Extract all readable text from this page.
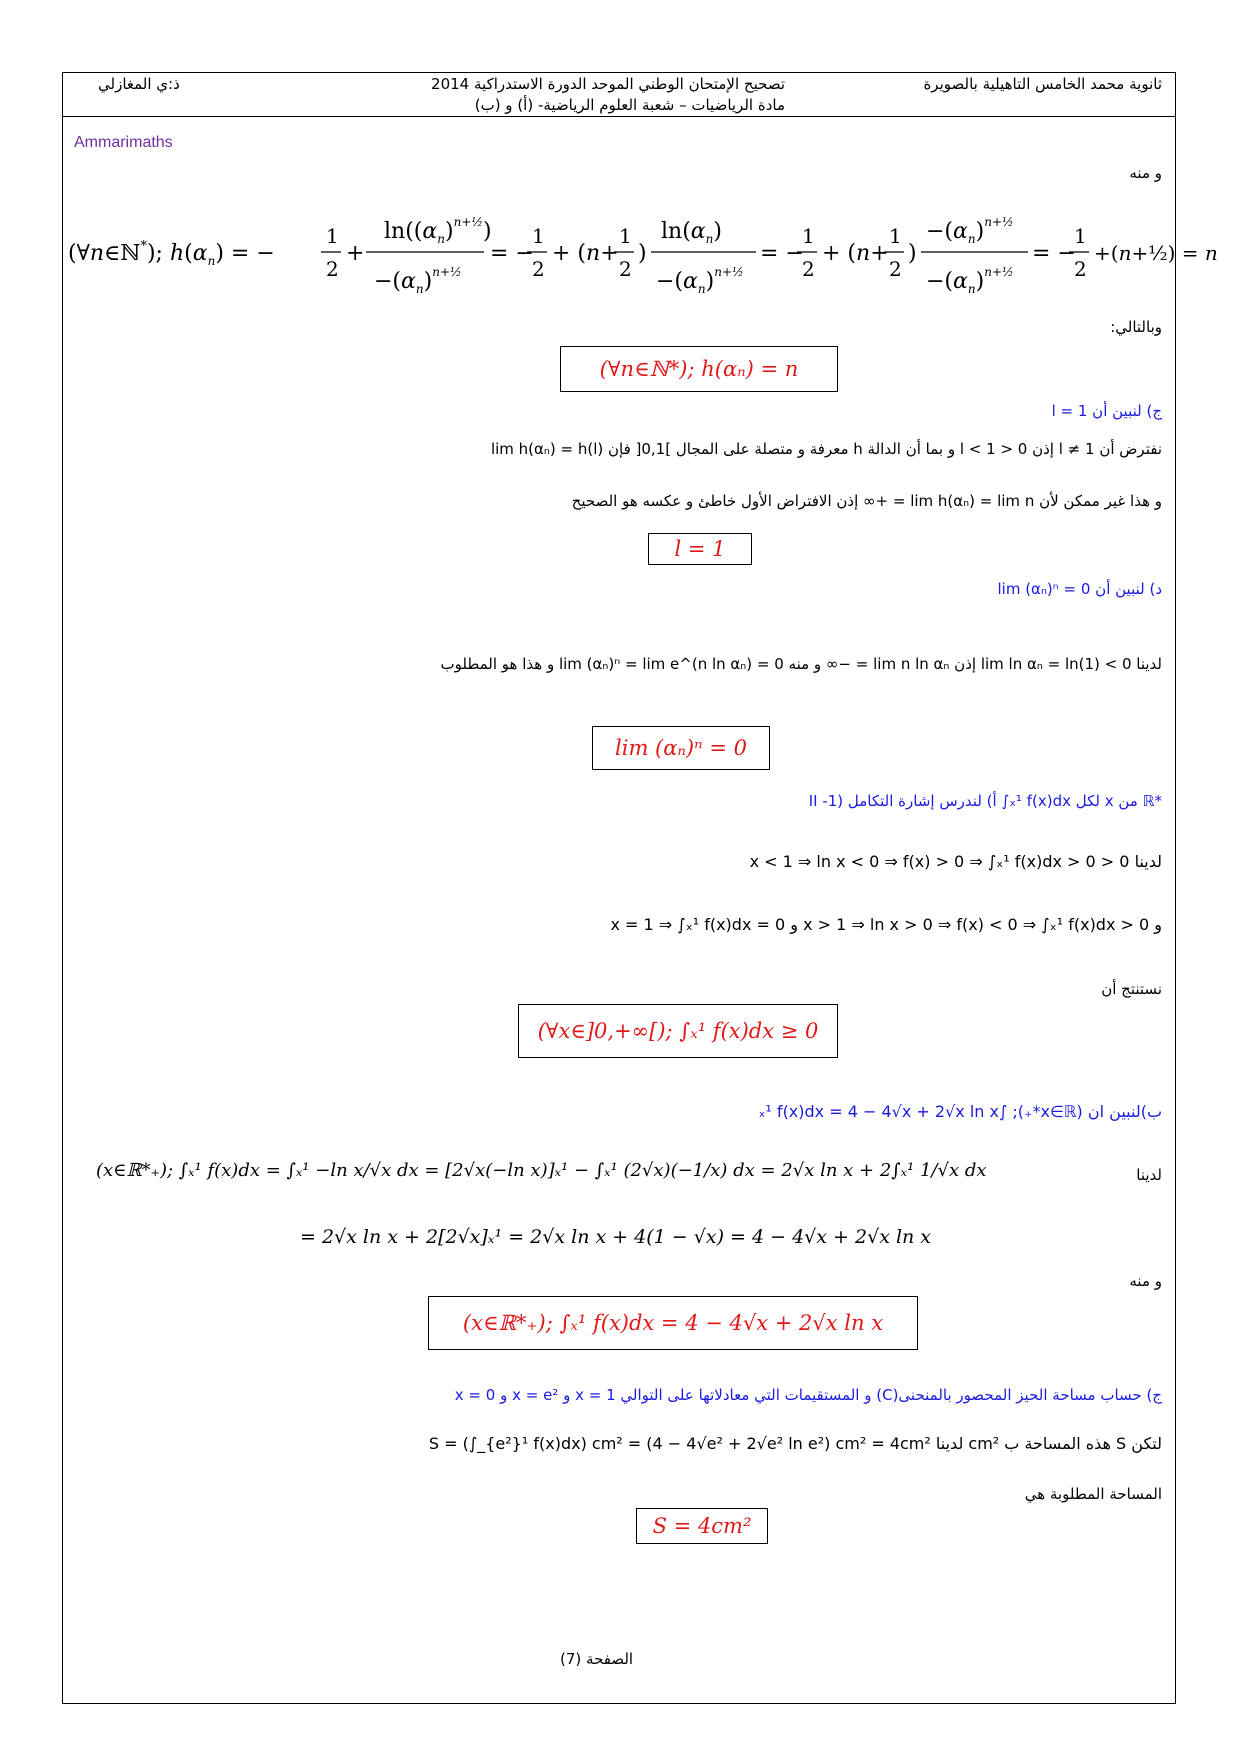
ثانوية محمد الخامس التاهيلية بالصويرة
تصحيح الإمتحان الوطني الموحد الدورة الاستدراكية 2014
مادة الرياضيات – شعبة العلوم الرياضية- (أ) و (ب)
ذ:ي المغازلي
Ammarimaths
و منه
(∀n∈ℕ*); $h(\alpha_n)$ = −
1
2
+
$\ln((\alpha_n)^{n+\frac{1}{2}})$
$-(\alpha_n)^{n+\frac{1}{2}}$
= −
1
2
+ (n+
1
2
)
$\ln(\alpha_n)$
$-(\alpha_n)^{n+\frac{1}{2}}$
= −
1
2
+ (n+
1
2
)
$-(\alpha_n)^{n+\frac{1}{2}}$
$-(\alpha_n)^{n+\frac{1}{2}}$
= −
1
2
+(n+½) = n
وبالتالي:
(∀n∈ℕ*); h(αₙ) = n
ج) لنبين أن l = 1
نفترض أن l ≠ 1 إذن 0 < l < 1 و بما أن الدالة h معرفة و متصلة على المجال ]0,1[ فإن lim h(αₙ) = h(l)
و هذا غير ممكن لأن lim h(αₙ) = lim n = +∞ إذن الافتراض الأول خاطئ و عكسه هو الصحيح
l = 1
د) لنبين أن lim (αₙ)ⁿ = 0
لدينا lim ln αₙ = ln(1) < 0 إذن lim n ln αₙ = −∞ و منه lim (αₙ)ⁿ = lim e^(n ln αₙ) = 0 و هذا هو المطلوب
lim (αₙ)ⁿ = 0
II -1) أ) لندرس إشارة التكامل ∫ₓ¹ f(x)dx لكل x من ℝ*
لدينا 0 < x < 1 ⇒ ln x < 0 ⇒ f(x) > 0 ⇒ ∫ₓ¹ f(x)dx > 0
و x > 1 ⇒ ln x > 0 ⇒ f(x) < 0 ⇒ ∫ₓ¹ f(x)dx > 0 و x = 1 ⇒ ∫ₓ¹ f(x)dx = 0
نستنتج أن
(∀x∈]0,+∞[); ∫ₓ¹ f(x)dx ≥ 0
ب)لنبين ان (x∈ℝ*₊); ∫ₓ¹ f(x)dx = 4 − 4√x + 2√x ln x
لدينا
(x∈ℝ*₊); ∫ₓ¹ f(x)dx = ∫ₓ¹ −ln x/√x dx = [2√x(−ln x)]ₓ¹ − ∫ₓ¹ (2√x)(−1/x) dx = 2√x ln x + 2∫ₓ¹ 1/√x dx
= 2√x ln x + 2[2√x]ₓ¹ = 2√x ln x + 4(1 − √x) = 4 − 4√x + 2√x ln x
و منه
(x∈ℝ*₊); ∫ₓ¹ f(x)dx = 4 − 4√x + 2√x ln x
ج) حساب مساحة الحيز المحصور بالمنحنى(C) و المستقيمات التي معادلاتها على التوالي x = 1 و x = e² و x = 0
لتكن S هذه المساحة ب cm² لدينا S = (∫_{e²}¹ f(x)dx) cm² = (4 − 4√e² + 2√e² ln e²) cm² = 4cm²
المساحة المطلوبة هي
S = 4cm²
الصفحة (7)
